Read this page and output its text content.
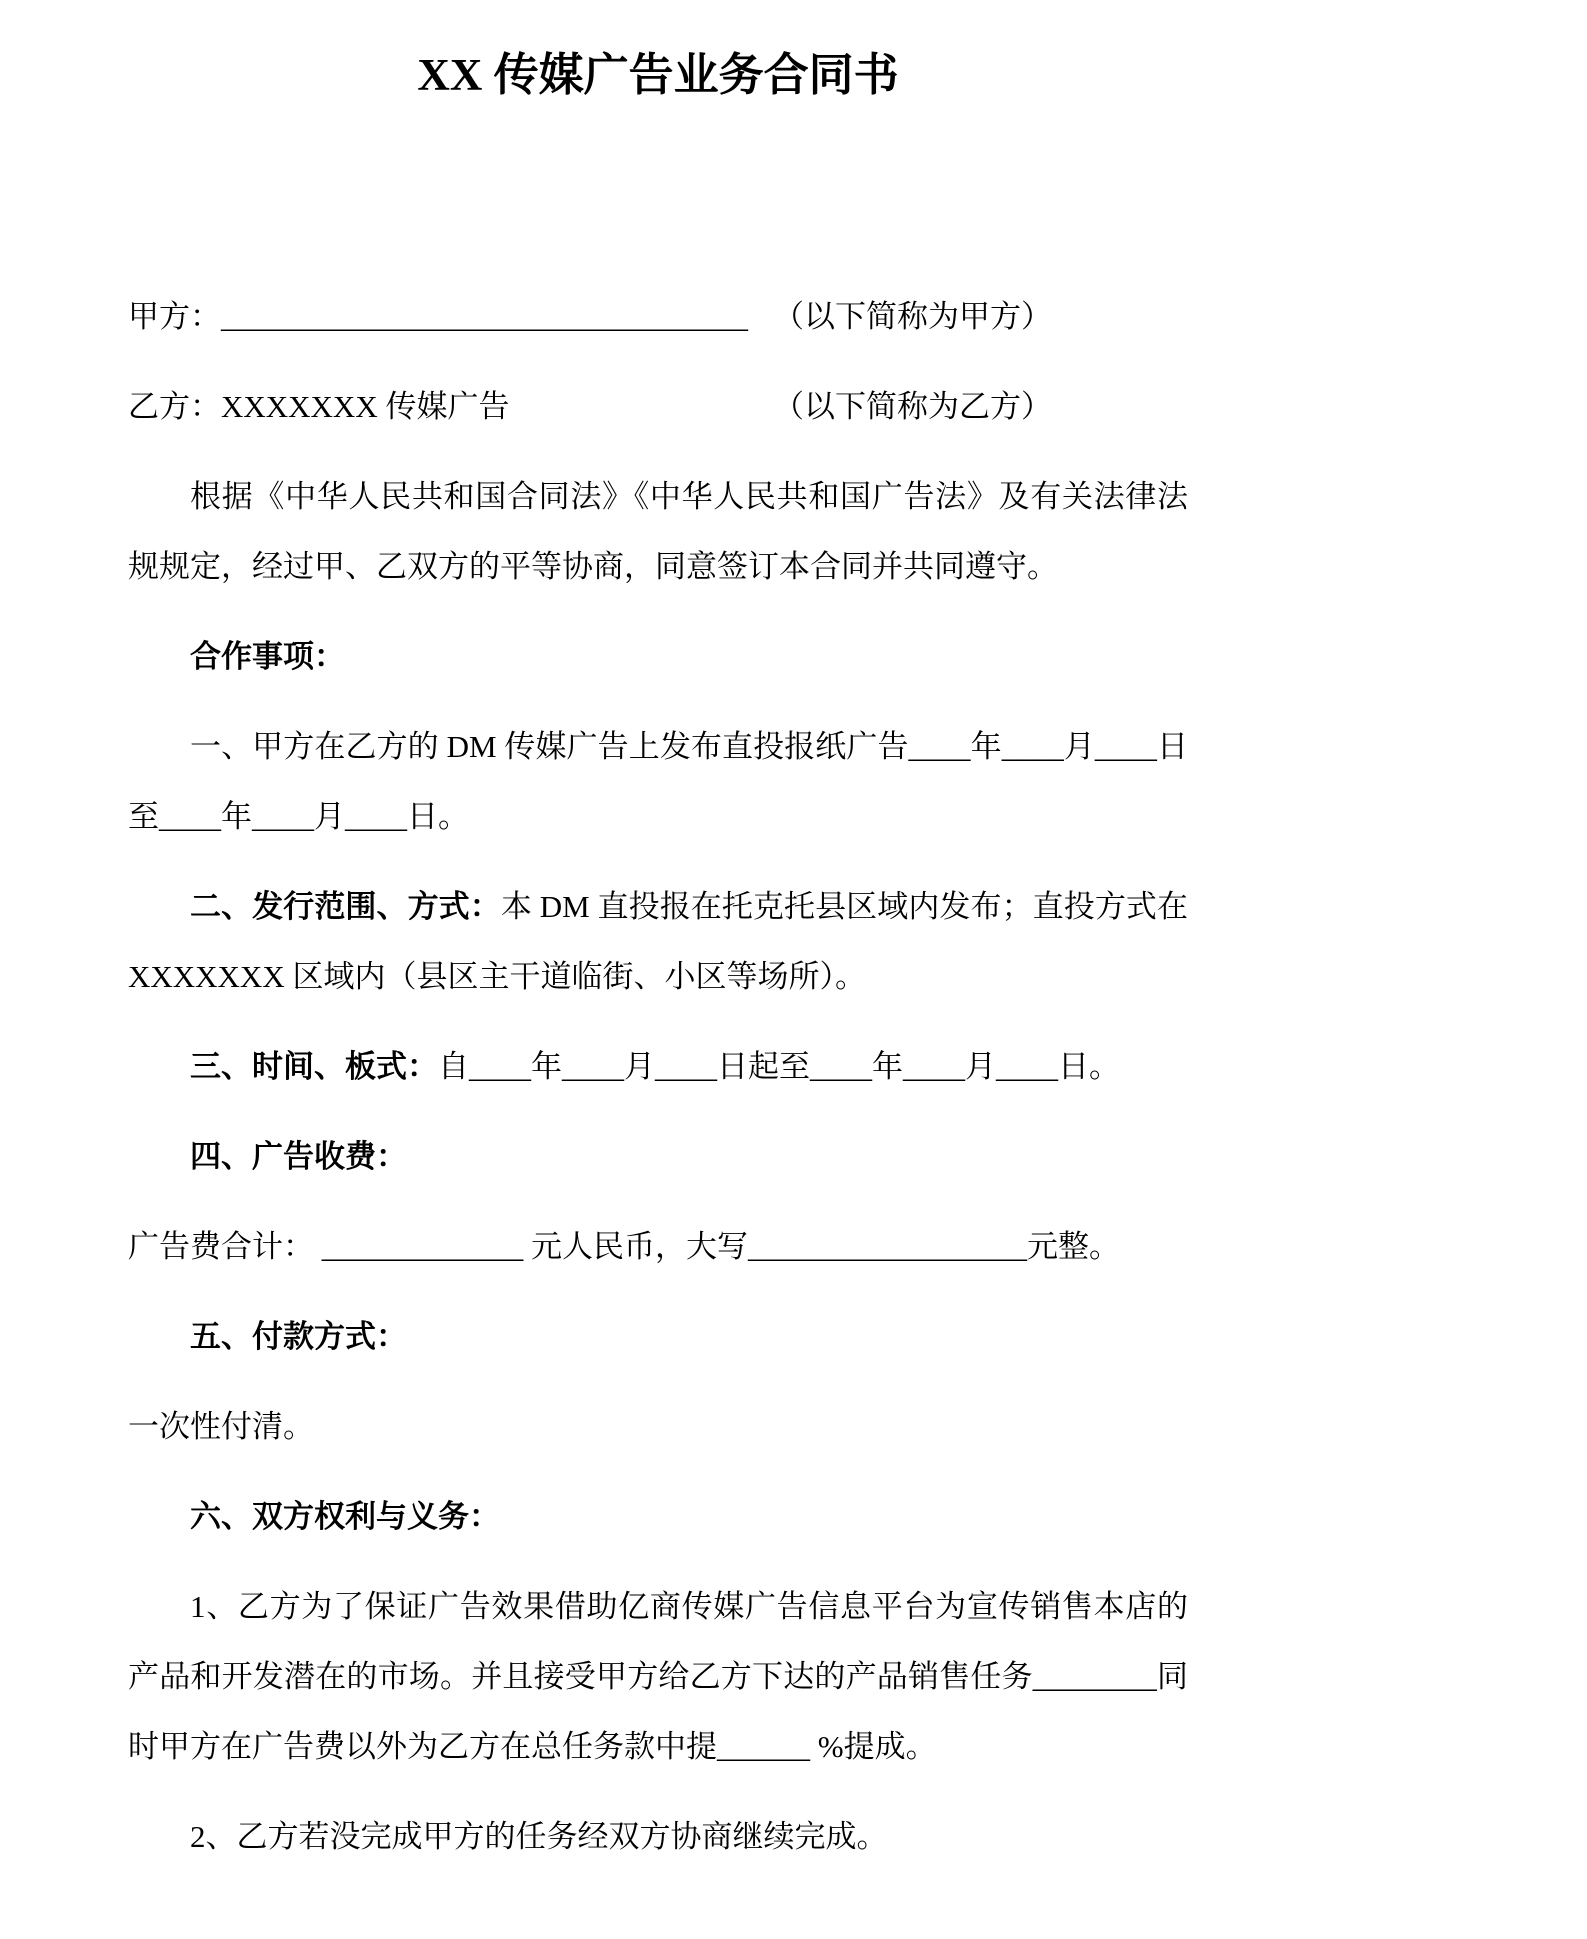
XX 传媒广告业务合同书
甲方：__________________________________ （以下简称为甲方）
乙方：XXXXXXX 传媒广告	（以下简称为乙方）

根据《中华人民共和国合同法》《中华人民共和国广告法》及有关法律法规规定，经过甲、乙双方的平等协商，同意签订本合同并共同遵守。

合作事项：

一、甲方在乙方的 DM 传媒广告上发布直投报纸广告____年____月____日至____年____月____日。

二、发行范围、方式：本 DM 直投报在托克托县区域内发布；直投方式在XXXXXXX 区域内（县区主干道临街、小区等场所）。

三、时间、板式：自____年____月____日起至____年____月____日。

四、广告收费：

广告费合计： _____________ 元人民币，大写__________________元整。

五、付款方式：

一次性付清。

六、双方权利与义务：

1、乙方为了保证广告效果借助亿商传媒广告信息平台为宣传销售本店的产品和开发潜在的市场。并且接受甲方给乙方下达的产品销售任务________同时甲方在广告费以外为乙方在总任务款中提______ %提成。

2、乙方若没完成甲方的任务经双方协商继续完成。
